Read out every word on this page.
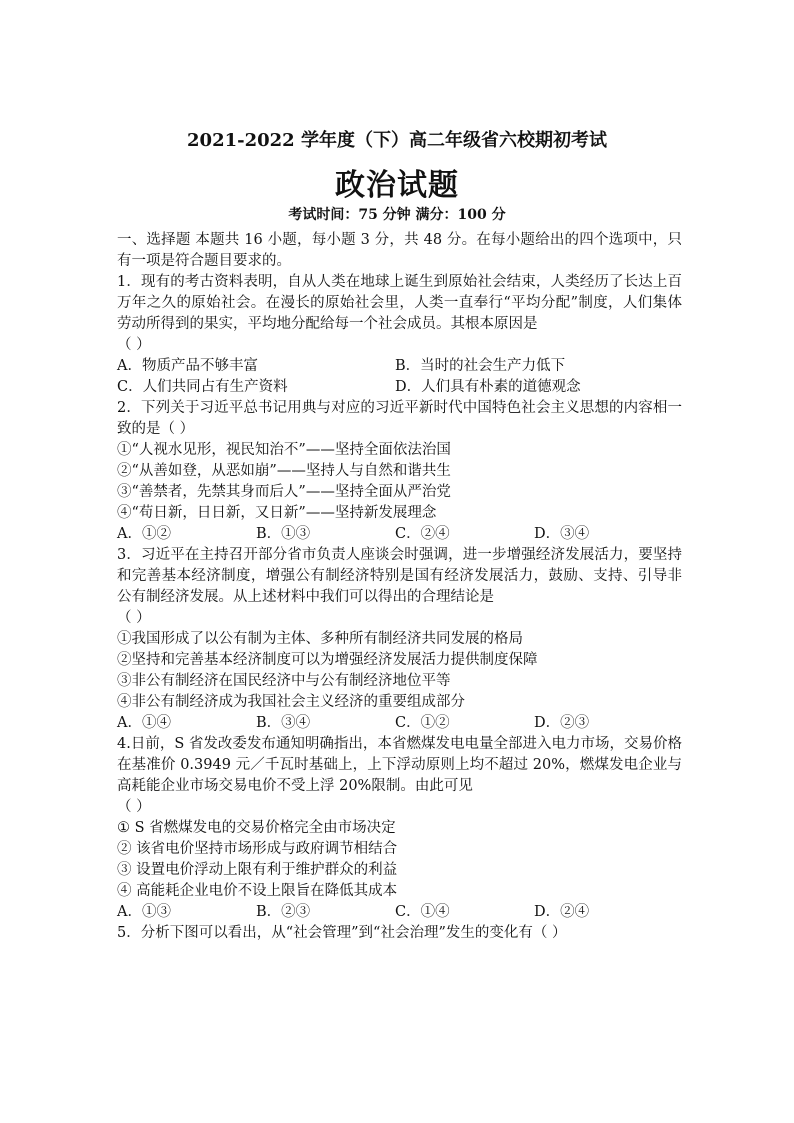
2021-2022 学年度（下）高二年级省六校期初考试
政治试题
考试时间：75 分钟 满分：100 分
一、选择题 本题共 16 小题，每小题 3 分，共 48 分。在每小题给出的四个选项中，只有一项是符合题目要求的。
1．现有的考古资料表明，自从人类在地球上诞生到原始社会结束，人类经历了长达上百万年之久的原始社会。在漫长的原始社会里，人类一直奉行“平均分配”制度，人们集体劳动所得到的果实，平均地分配给每一个社会成员。其根本原因是
（ ）
A．物质产品不够丰富	B．当时的社会生产力低下
C．人们共同占有生产资料	D．人们具有朴素的道德观念
2．下列关于习近平总书记用典与对应的习近平新时代中国特色社会主义思想的内容相一致的是（ ）
①“人视水见形，视民知治不”——坚持全面依法治国
②“从善如登，从恶如崩”——坚持人与自然和谐共生
③“善禁者，先禁其身而后人”——坚持全面从严治党
④“苟日新，日日新，又日新”——坚持新发展理念
A．①②	B．①③	C．②④	D．③④
3．习近平在主持召开部分省市负责人座谈会时强调，进一步增强经济发展活力，要坚持和完善基本经济制度，增强公有制经济特别是国有经济发展活力，鼓励、支持、引导非公有制经济发展。从上述材料中我们可以得出的合理结论是
（ ）
①我国形成了以公有制为主体、多种所有制经济共同发展的格局
②坚持和完善基本经济制度可以为增强经济发展活力提供制度保障
③非公有制经济在国民经济中与公有制经济地位平等
④非公有制经济成为我国社会主义经济的重要组成部分
A．①④	B．③④	C．①②	D．②③
4.日前，S 省发改委发布通知明确指出，本省燃煤发电电量全部进入电力市场，交易价格在基准价 0.3949 元／千瓦时基础上，上下浮动原则上均不超过 20%，燃煤发电企业与高耗能企业市场交易电价不受上浮 20%限制。由此可见
（ ）
① S 省燃煤发电的交易价格完全由市场决定
② 该省电价坚持市场形成与政府调节相结合
③ 设置电价浮动上限有利于维护群众的利益
④ 高能耗企业电价不设上限旨在降低其成本
A．①③	B．②③	C．①④	D．②④
5．分析下图可以看出，从“社会管理”到“社会治理”发生的变化有（ ）
